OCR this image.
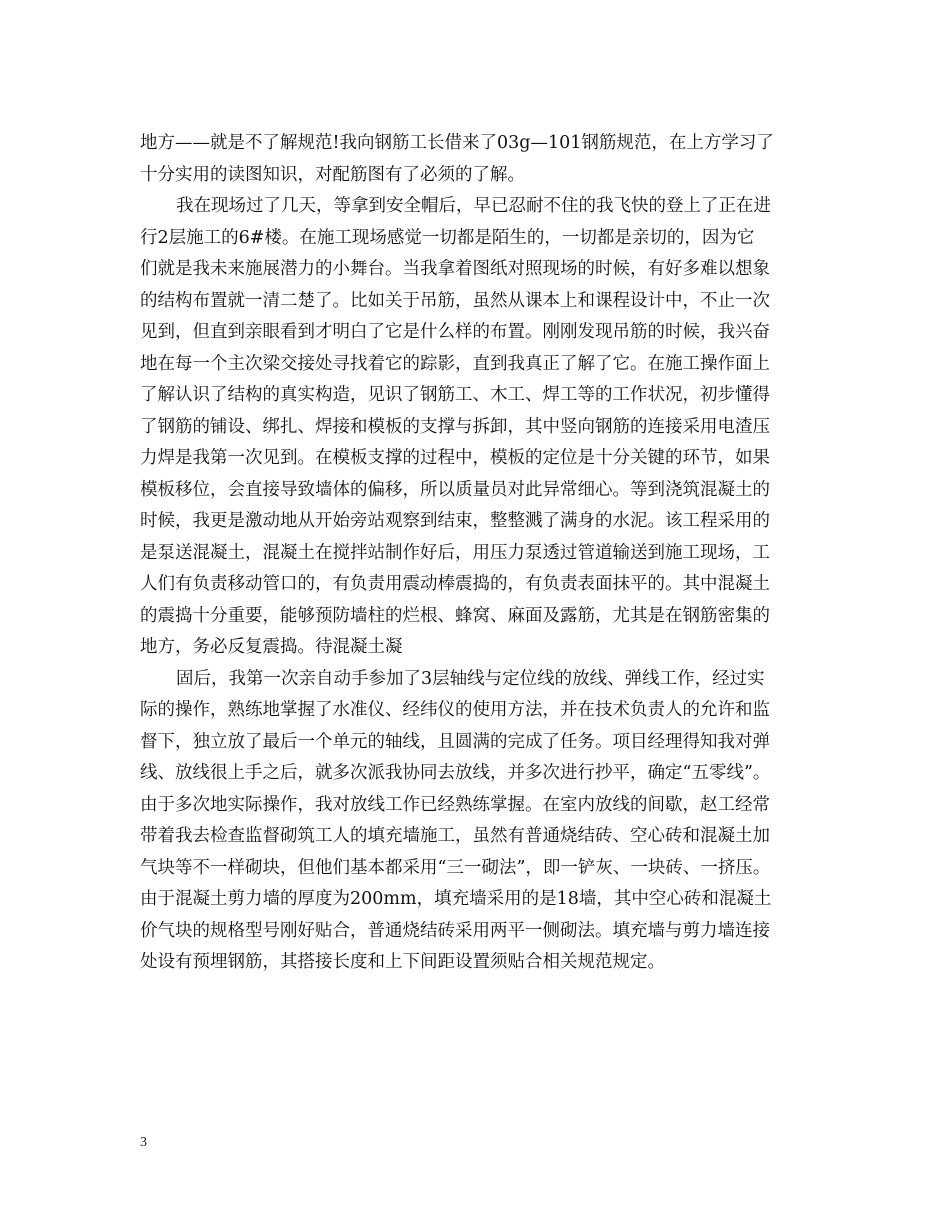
地方——就是不了解规范!我向钢筋工长借来了03g—101钢筋规范，在上方学习了
十分实用的读图知识，对配筋图有了必须的了解。
我在现场过了几天，等拿到安全帽后，早已忍耐不住的我飞快的登上了正在进
行2层施工的6#楼。在施工现场感觉一切都是陌生的，一切都是亲切的，因为它
们就是我未来施展潜力的小舞台。当我拿着图纸对照现场的时候，有好多难以想象
的结构布置就一清二楚了。比如关于吊筋，虽然从课本上和课程设计中，不止一次
见到，但直到亲眼看到才明白了它是什么样的布置。刚刚发现吊筋的时候，我兴奋
地在每一个主次梁交接处寻找着它的踪影，直到我真正了解了它。在施工操作面上
了解认识了结构的真实构造，见识了钢筋工、木工、焊工等的工作状况，初步懂得
了钢筋的铺设、绑扎、焊接和模板的支撑与拆卸，其中竖向钢筋的连接采用电渣压
力焊是我第一次见到。在模板支撑的过程中，模板的定位是十分关键的环节，如果
模板移位，会直接导致墙体的偏移，所以质量员对此异常细心。等到浇筑混凝土的
时候，我更是激动地从开始旁站观察到结束，整整溅了满身的水泥。该工程采用的
是泵送混凝土，混凝土在搅拌站制作好后，用压力泵透过管道输送到施工现场，工
人们有负责移动管口的，有负责用震动棒震捣的，有负责表面抹平的。其中混凝土
的震捣十分重要，能够预防墙柱的烂根、蜂窝、麻面及露筋，尤其是在钢筋密集的
地方，务必反复震捣。待混凝土凝
固后，我第一次亲自动手参加了3层轴线与定位线的放线、弹线工作，经过实
际的操作，熟练地掌握了水准仪、经纬仪的使用方法，并在技术负责人的允许和监
督下，独立放了最后一个单元的轴线，且圆满的完成了任务。项目经理得知我对弹
线、放线很上手之后，就多次派我协同去放线，并多次进行抄平，确定“五零线”。
由于多次地实际操作，我对放线工作已经熟练掌握。在室内放线的间歇，赵工经常
带着我去检查监督砌筑工人的填充墙施工，虽然有普通烧结砖、空心砖和混凝土加
气块等不一样砌块，但他们基本都采用“三一砌法”，即一铲灰、一块砖、一挤压。
由于混凝土剪力墙的厚度为200mm，填充墙采用的是18墙，其中空心砖和混凝土
价气块的规格型号刚好贴合，普通烧结砖采用两平一侧砌法。填充墙与剪力墙连接
处设有预埋钢筋，其搭接长度和上下间距设置须贴合相关规范规定。
3
